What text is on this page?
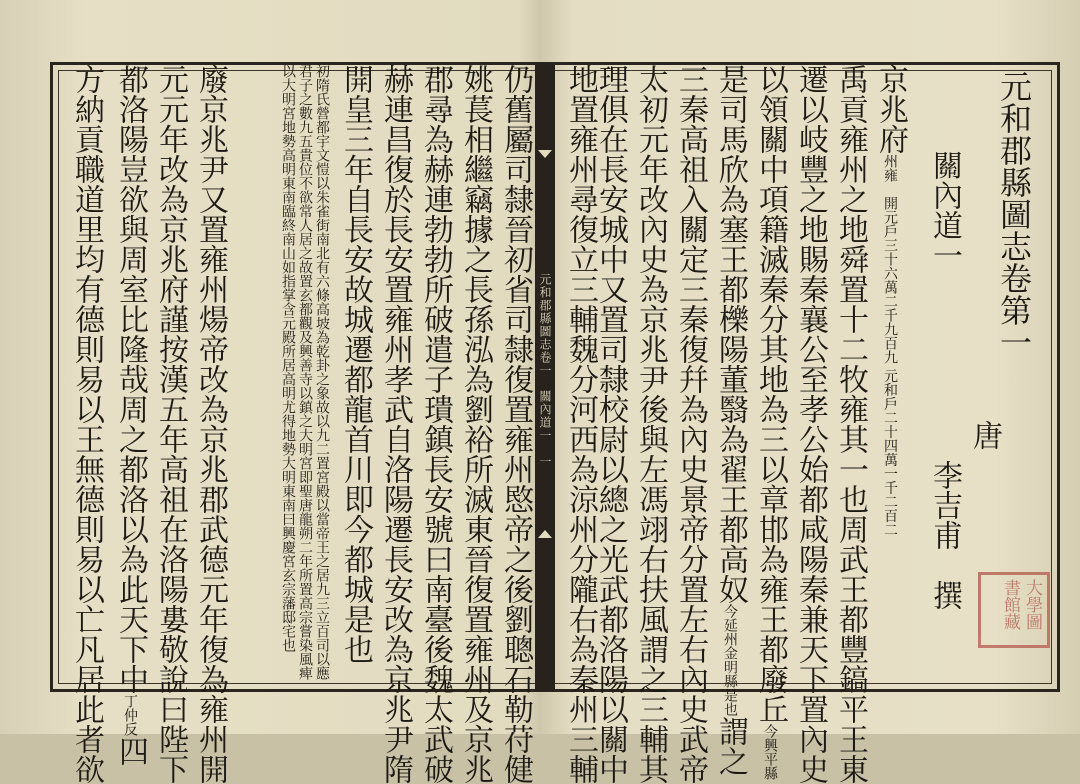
元和郡縣圖志卷第一
關內道一
唐
李吉甫　撰	大學圖書館藏
京兆府州雍　開元戶三十六萬二千九百九 元和戶二十四萬一千二百二
禹貢雍州之地舜置十二牧雍其一也周武王都豐鎬平王東
遷以岐豐之地賜秦襄公至孝公始都咸陽秦兼天下置內史
以領關中項籍滅秦分其地為三以章邯為雍王都廢丘今興平縣
是司馬欣為塞王都櫟陽董翳為翟王都高奴今延州金明縣是也謂之
三秦高祖入關定三秦復幷為內史景帝分置左右內史武帝
太初元年改內史為京兆尹後與左馮翊右扶風謂之三輔其
理俱在長安城中又置司隸校尉以總之光武都洛陽以關中
地置雍州尋復立三輔魏分河西為涼州分隴右為秦州三輔
元和郡縣圖志卷一　關內道一　一
仍舊屬司隸晉初省司隸復置雍州愍帝之後劉聰石勒苻健
姚萇相繼竊據之長孫泓為劉裕所滅東晉復置雍州及京兆
郡尋為赫連勃勃所破遣子璝鎮長安號曰南臺後魏太武破
赫連昌復於長安置雍州孝武自洛陽遷長安改為京兆尹隋
開皇三年自長安故城遷都龍首川即今都城是也
初隋氏營都宇文愷以朱雀街南北有六條高坡為乾卦之象故以九二置宮殿以當帝王之居九三立百司以應君子之數九五貴位不欲常人居之故置玄都觀及興善寺以鎮之大明宮即聖唐龍朔二年所置高宗嘗染風痺以大明宮地勢高明東南臨終南山如指掌含元殿所居高明尤得地勢大明東南曰興慶宮玄宗藩邸宅也
廢京兆尹又置雍州煬帝改為京兆郡武德元年復為雍州開
元元年改為京兆府謹按漢五年高祖在洛陽婁敬說曰陛下
都洛陽豈欲與周室比隆哉周之都洛以為此天下中丁仲反四
方納貢職道里均有德則易以王無德則易以亡凡居此者欲
